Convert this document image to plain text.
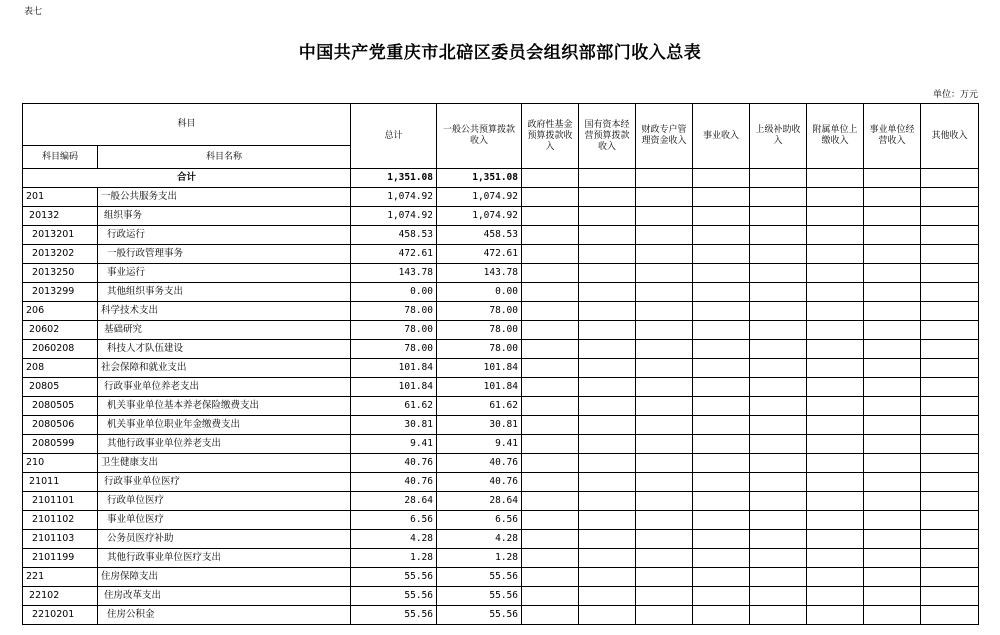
表七
中国共产党重庆市北碚区委员会组织部部门收入总表
单位：万元
科目		总计	一般公共预算拨款收入	政府性基金预算拨款收入	国有资本经营预算拨款收入	财政专户管理资金收入	事业收入	上级补助收入	附属单位上缴收入	事业单位经营收入	其他收入
科目编码	科目名称										
合计		1,351.08	1,351.08								
201	一般公共服务支出	1,074.92	1,074.92								
20132	组织事务	1,074.92	1,074.92								
2013201	行政运行	458.53	458.53								
2013202	一般行政管理事务	472.61	472.61								
2013250	事业运行	143.78	143.78								
2013299	其他组织事务支出	0.00	0.00								
206	科学技术支出	78.00	78.00								
20602	基础研究	78.00	78.00								
2060208	科技人才队伍建设	78.00	78.00								
208	社会保障和就业支出	101.84	101.84								
20805	行政事业单位养老支出	101.84	101.84								
2080505	机关事业单位基本养老保险缴费支出	61.62	61.62								
2080506	机关事业单位职业年金缴费支出	30.81	30.81								
2080599	其他行政事业单位养老支出	9.41	9.41								
210	卫生健康支出	40.76	40.76								
21011	行政事业单位医疗	40.76	40.76								
2101101	行政单位医疗	28.64	28.64								
2101102	事业单位医疗	6.56	6.56								
2101103	公务员医疗补助	4.28	4.28								
2101199	其他行政事业单位医疗支出	1.28	1.28								
221	住房保障支出	55.56	55.56								
22102	住房改革支出	55.56	55.56								
2210201	住房公积金	55.56	55.56								
